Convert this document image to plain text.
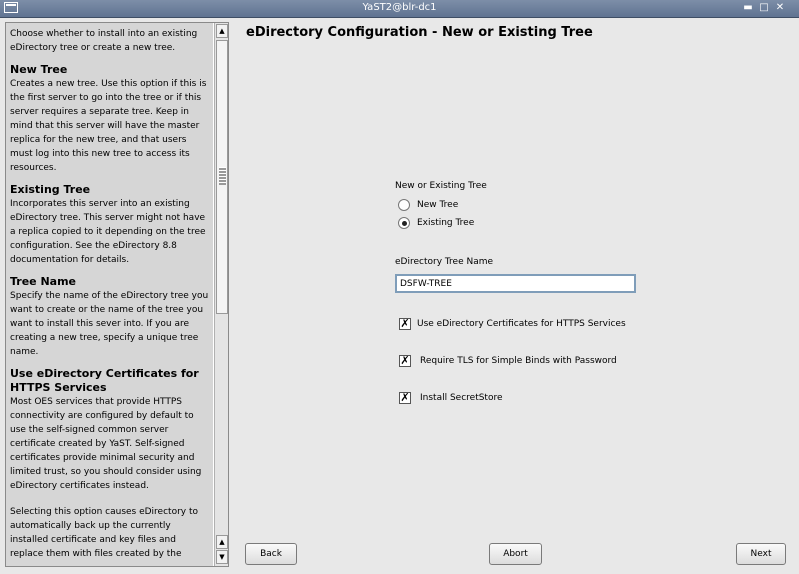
YaST2@blr-dc1	▬ □ ✕

Choose whether to install into an existing eDirectory tree or create a new tree.

New Tree

Creates a new tree. Use this option if this is the first server to go into the tree or if this server requires a separate tree. Keep in mind that this server will have the master replica for the new tree, and that users must log into this new tree to access its resources.

Existing Tree

Incorporates this server into an existing eDirectory tree. This server might not have a replica copied to it depending on the tree configuration. See the eDirectory 8.8 documentation for details.

Tree Name

Specify the name of the eDirectory tree you want to create or the name of the tree you want to install this sever into. If you are creating a new tree, specify a unique tree name.

Use eDirectory Certificates for HTTPS Services

Most OES services that provide HTTPS connectivity are configured by default to use the self-signed common server certificate created by YaST. Self-signed certificates provide minimal security and limited trust, so you should consider using eDirectory certificates instead.

Selecting this option causes eDirectory to automatically back up the currently installed certificate and key files and replace them with files created by the

▲
▲
▼
eDirectory Configuration - New or Existing Tree
New or Existing Tree
New Tree
Existing Tree
eDirectory Tree Name
DSFW-TREE
✗ Use eDirectory Certificates for HTTPS Services
✗ Require TLS for Simple Binds with Password
✗ Install SecretStore
Back	Abort	Next
